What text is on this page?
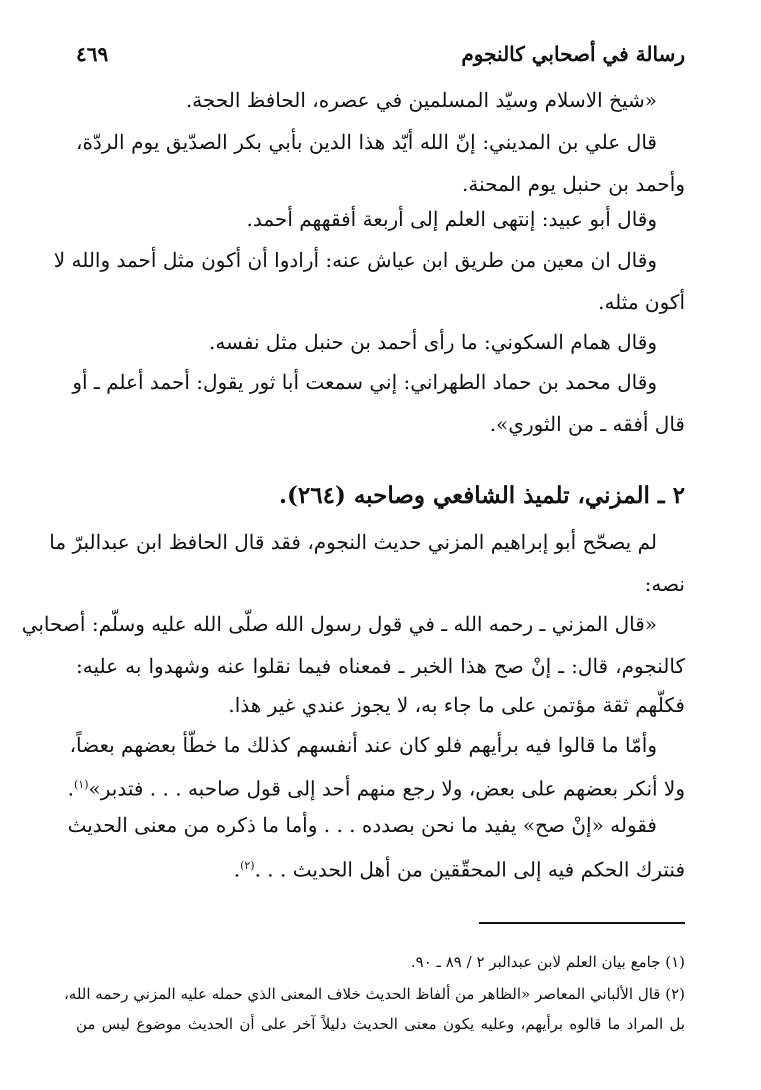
رسالة في أصحابي كالنجوم
٤٦٩
«شيخ الاسلام وسيّد المسلمين في عصره، الحافظ الحجة.
قال علي بن المديني: إنّ الله أيّد هذا الدين بأبي بكر الصدّيق يوم الردّة،
وأحمد بن حنبل يوم المحنة.
وقال أبو عبيد: إنتهى العلم إلى أربعة أفقههم أحمد.
وقال ان معين من طريق ابن عياش عنه: أرادوا أن أكون مثل أحمد والله لا
أكون مثله.
وقال همام السكوني: ما رأى أحمد بن حنبل مثل نفسه.
وقال محمد بن حماد الطهراني: إني سمعت أبا ثور يقول: أحمد أعلم ـ أو
قال أفقه ـ من الثوري».
٢ ـ المزني، تلميذ الشافعي وصاحبه (٢٦٤).
لم يصحّح أبو إبراهيم المزني حديث النجوم، فقد قال الحافظ ابن عبدالبرّ ما
نصه:
«قال المزني ـ رحمه الله ـ في قول رسول الله صلّى الله عليه وسلّم: أصحابي
كالنجوم، قال: ـ إنْ صح هذا الخبر ـ فمعناه فيما نقلوا عنه وشهدوا به عليه:
فكلّهم ثقة مؤتمن على ما جاء به، لا يجوز عندي غير هذا.
وأمّا ما قالوا فيه برأيهم فلو كان عند أنفسهم كذلك ما خطّأ بعضهم بعضاً،
ولا أنكر بعضهم على بعض، ولا رجع منهم أحد إلى قول صاحبه . . . فتدبر»$^{(١)}$.
فقوله «إنْ صح» يفيد ما نحن بصدده . . . وأما ما ذكره من معنى الحديث
فنترك الحكم فيه إلى المحقّقين من أهل الحديث . . .$^{(٢)}$.
(١) جامع بيان العلم لابن عبدالبر ٢ / ٨٩ ـ ٩٠.
(٢) قال الألباني المعاصر «الظاهر من ألفاظ الحديث خلاف المعنى الذي حمله عليه المزني رحمه الله،
بل المراد ما قالوه برأيهم، وعليه يكون معنى الحديث دليلاً آخر على أن الحديث موضوع ليس من
